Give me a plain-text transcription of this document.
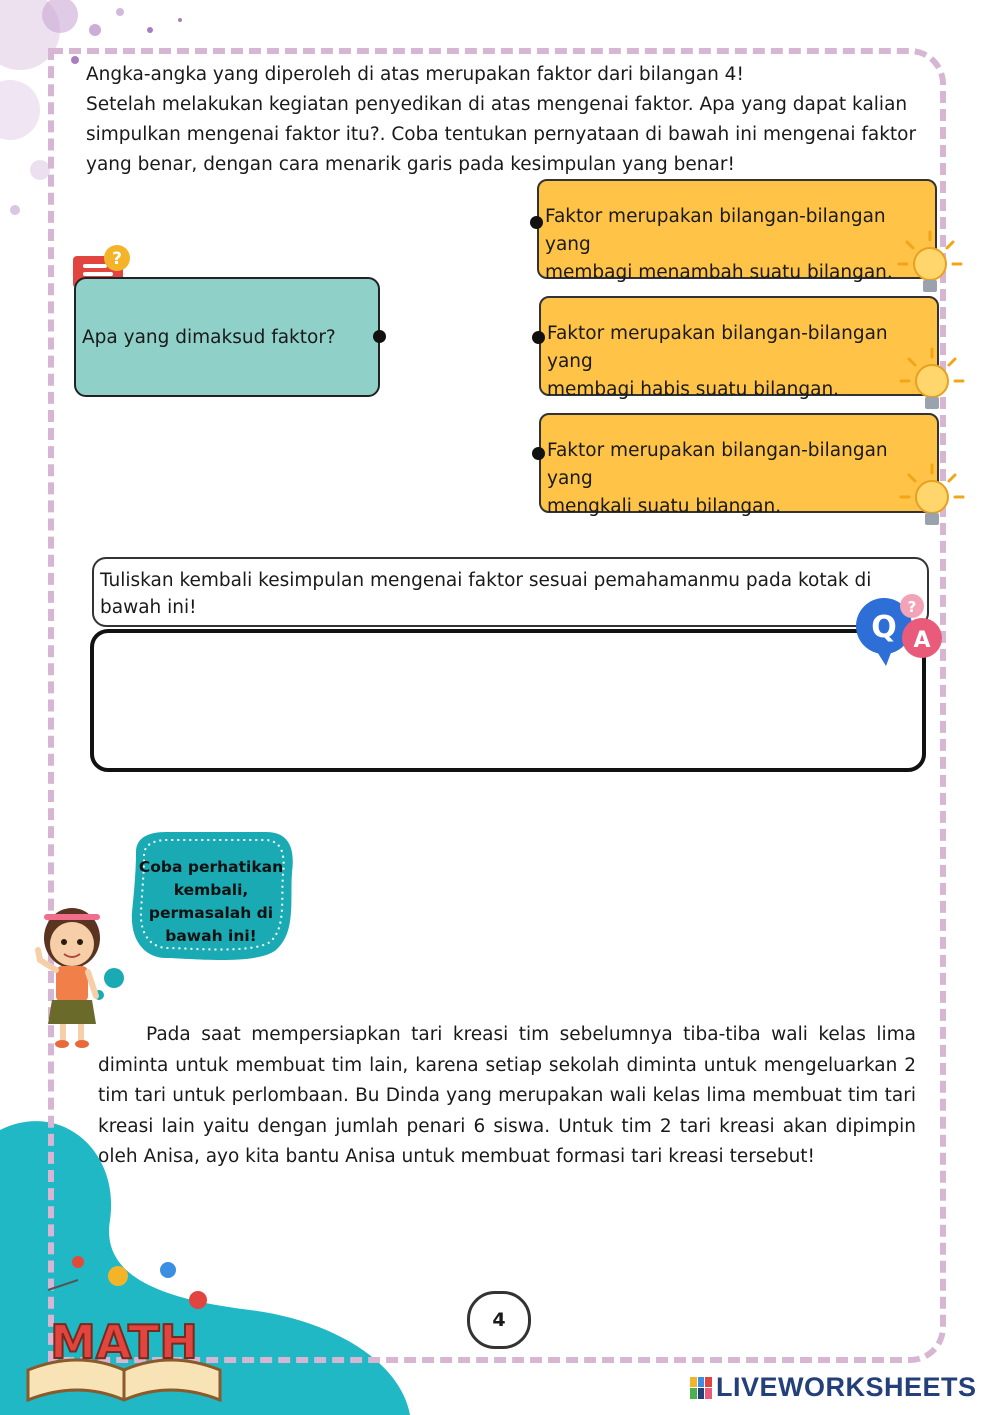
Angka-angka yang diperoleh di atas merupakan faktor dari bilangan 4!

Setelah melakukan kegiatan penyedikan di atas mengenai faktor. Apa yang dapat kalian simpulkan mengenai faktor itu?. Coba tentukan pernyataan di bawah ini mengenai faktor yang benar, dengan cara menarik garis pada kesimpulan yang benar!

?
Apa yang dimaksud faktor?
Faktor merupakan bilangan-bilangan yang
membagi menambah suatu bilangan.
Faktor merupakan bilangan-bilangan yang
membagi habis suatu bilangan.
Faktor merupakan bilangan-bilangan yang
mengkali suatu bilangan.
Tuliskan kembali kesimpulan mengenai faktor sesuai pemahamanmu pada kotak di bawah ini!
Q A
?
Coba perhatikan kembali, permasalah di bawah ini!

Pada saat mempersiapkan tari kreasi tim sebelumnya tiba-tiba wali kelas lima diminta untuk membuat tim lain, karena setiap sekolah diminta untuk mengeluarkan 2 tim tari untuk perlombaan. Bu Dinda yang merupakan wali kelas lima membuat tim tari kreasi lain yaitu dengan jumlah penari 6 siswa. Untuk tim 2 tari kreasi akan dipimpin oleh Anisa, ayo kita bantu Anisa untuk membuat formasi tari kreasi tersebut!

MATH	4
LIVEWORKSHEETS
